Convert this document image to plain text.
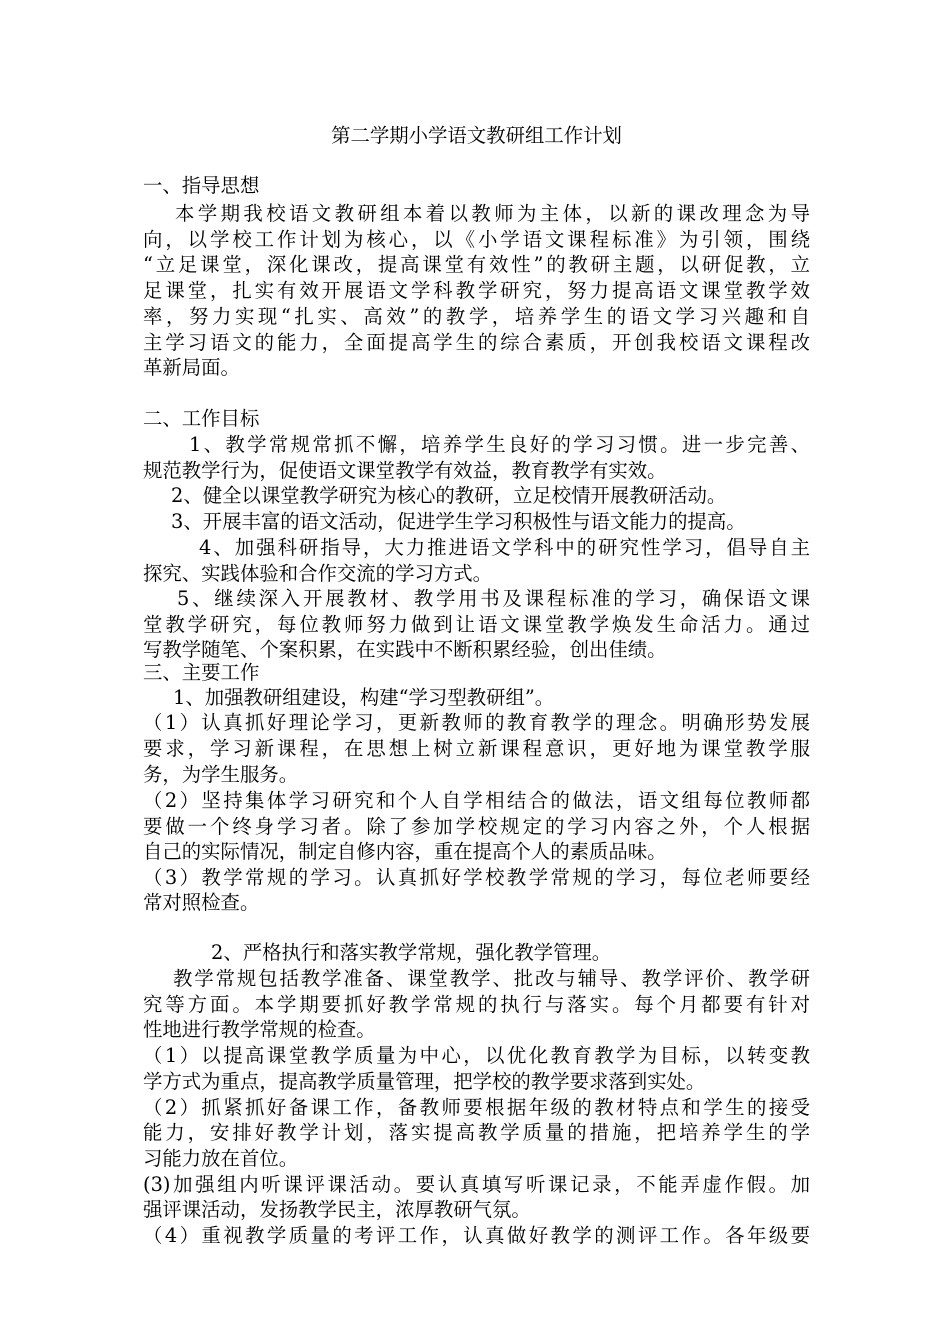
第二学期小学语文教研组工作计划
一、指导思想
本学期我校语文教研组本着以教师为主体，以新的课改理念为导
向，以学校工作计划为核心，以《小学语文课程标准》为引领，围绕
“立足课堂，深化课改，提高课堂有效性”的教研主题，以研促教，立
足课堂，扎实有效开展语文学科教学研究，努力提高语文课堂教学效
率，努力实现“扎实、高效”的教学，培养学生的语文学习兴趣和自
主学习语文的能力，全面提高学生的综合素质，开创我校语文课程改
革新局面。
二、工作目标
1、教学常规常抓不懈，培养学生良好的学习习惯。进一步完善、
规范教学行为，促使语文课堂教学有效益，教育教学有实效。
2、健全以课堂教学研究为核心的教研，立足校情开展教研活动。
3、开展丰富的语文活动，促进学生学习积极性与语文能力的提高。
4、加强科研指导，大力推进语文学科中的研究性学习，倡导自主
探究、实践体验和合作交流的学习方式。
5、继续深入开展教材、教学用书及课程标准的学习，确保语文课
堂教学研究，每位教师努力做到让语文课堂教学焕发生命活力。通过
写教学随笔、个案积累，在实践中不断积累经验，创出佳绩。
三、主要工作
1、加强教研组建设，构建“学习型教研组”。
（1）认真抓好理论学习，更新教师的教育教学的理念。明确形势发展
要求，学习新课程，在思想上树立新课程意识，更好地为课堂教学服
务，为学生服务。
（2）坚持集体学习研究和个人自学相结合的做法，语文组每位教师都
要做一个终身学习者。除了参加学校规定的学习内容之外，个人根据
自己的实际情况，制定自修内容，重在提高个人的素质品味。
（3）教学常规的学习。认真抓好学校教学常规的学习，每位老师要经
常对照检查。
2、严格执行和落实教学常规，强化教学管理。
教学常规包括教学准备、课堂教学、批改与辅导、教学评价、教学研
究等方面。本学期要抓好教学常规的执行与落实。每个月都要有针对
性地进行教学常规的检查。
（1）以提高课堂教学质量为中心，以优化教育教学为目标，以转变教
学方式为重点，提高教学质量管理，把学校的教学要求落到实处。
（2）抓紧抓好备课工作，备教师要根据年级的教材特点和学生的接受
能力，安排好教学计划，落实提高教学质量的措施，把培养学生的学
习能力放在首位。
(3)加强组内听课评课活动。要认真填写听课记录，不能弄虚作假。加
强评课活动，发扬教学民主，浓厚教研气氛。
（4）重视教学质量的考评工作，认真做好教学的测评工作。各年级要
